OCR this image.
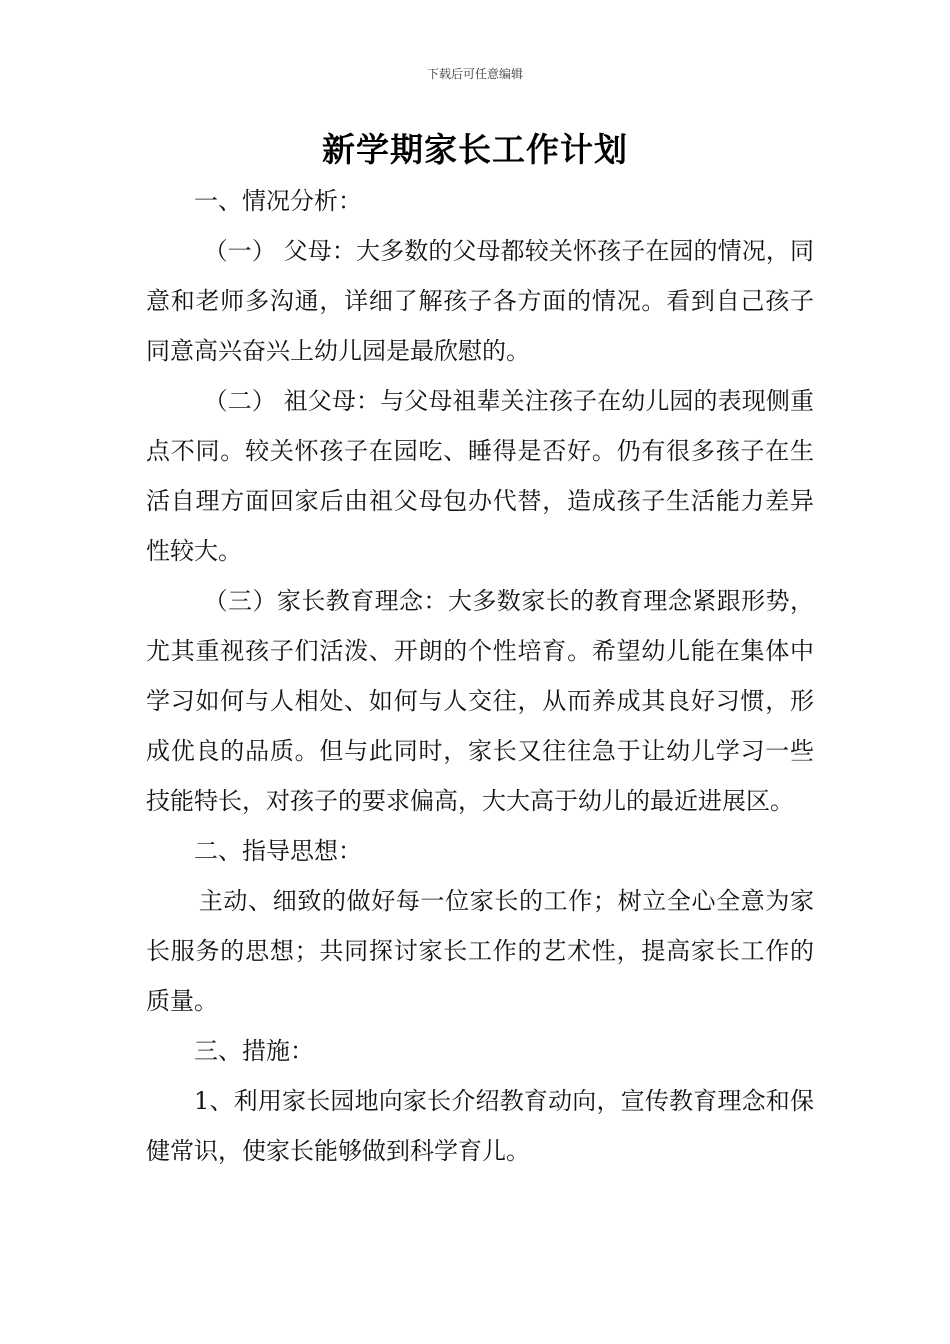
下载后可任意编辑
新学期家长工作计划

一、情况分析：

（一） 父母：大多数的父母都较关怀孩子在园的情况，同意和老师多沟通，详细了解孩子各方面的情况。看到自己孩子同意高兴奋兴上幼儿园是最欣慰的。

（二） 祖父母：与父母祖辈关注孩子在幼儿园的表现侧重点不同。较关怀孩子在园吃、睡得是否好。仍有很多孩子在生活自理方面回家后由祖父母包办代替，造成孩子生活能力差异性较大。

（三）家长教育理念：大多数家长的教育理念紧跟形势，尤其重视孩子们活泼、开朗的个性培育。希望幼儿能在集体中学习如何与人相处、如何与人交往，从而养成其良好习惯，形成优良的品质。但与此同时，家长又往往急于让幼儿学习一些技能特长，对孩子的要求偏高，大大高于幼儿的最近进展区。

二、指导思想：

主动、细致的做好每一位家长的工作；树立全心全意为家长服务的思想；共同探讨家长工作的艺术性，提高家长工作的质量。

三、措施：

1、利用家长园地向家长介绍教育动向，宣传教育理念和保健常识，使家长能够做到科学育儿。
